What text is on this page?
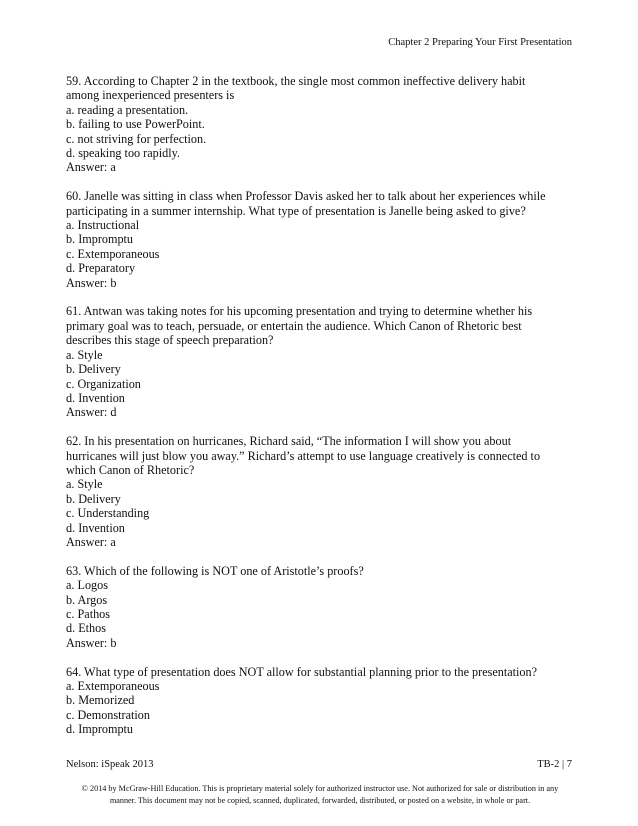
Chapter 2 Preparing Your First Presentation
59. According to Chapter 2 in the textbook, the single most common ineffective delivery habit
among inexperienced presenters is
a. reading a presentation.
b. failing to use PowerPoint.
c. not striving for perfection.
d. speaking too rapidly.
Answer: a
60. Janelle was sitting in class when Professor Davis asked her to talk about her experiences while
participating in a summer internship. What type of presentation is Janelle being asked to give?
a. Instructional
b. Impromptu
c. Extemporaneous
d. Preparatory
Answer: b
61. Antwan was taking notes for his upcoming presentation and trying to determine whether his
primary goal was to teach, persuade, or entertain the audience. Which Canon of Rhetoric best
describes this stage of speech preparation?
a. Style
b. Delivery
c. Organization
d. Invention
Answer: d
62. In his presentation on hurricanes, Richard said, “The information I will show you about
hurricanes will just blow you away.” Richard’s attempt to use language creatively is connected to
which Canon of Rhetoric?
a. Style
b. Delivery
c. Understanding
d. Invention
Answer: a
63. Which of the following is NOT one of Aristotle’s proofs?
a. Logos
b. Argos
c. Pathos
d. Ethos
Answer: b
64. What type of presentation does NOT allow for substantial planning prior to the presentation?
a. Extemporaneous
b. Memorized
c. Demonstration
d. Impromptu
Nelson: iSpeak 2013	TB-2 | 7
© 2014 by McGraw-Hill Education. This is proprietary material solely for authorized instructor use. Not authorized for sale or distribution in any
manner. This document may not be copied, scanned, duplicated, forwarded, distributed, or posted on a website, in whole or part.
